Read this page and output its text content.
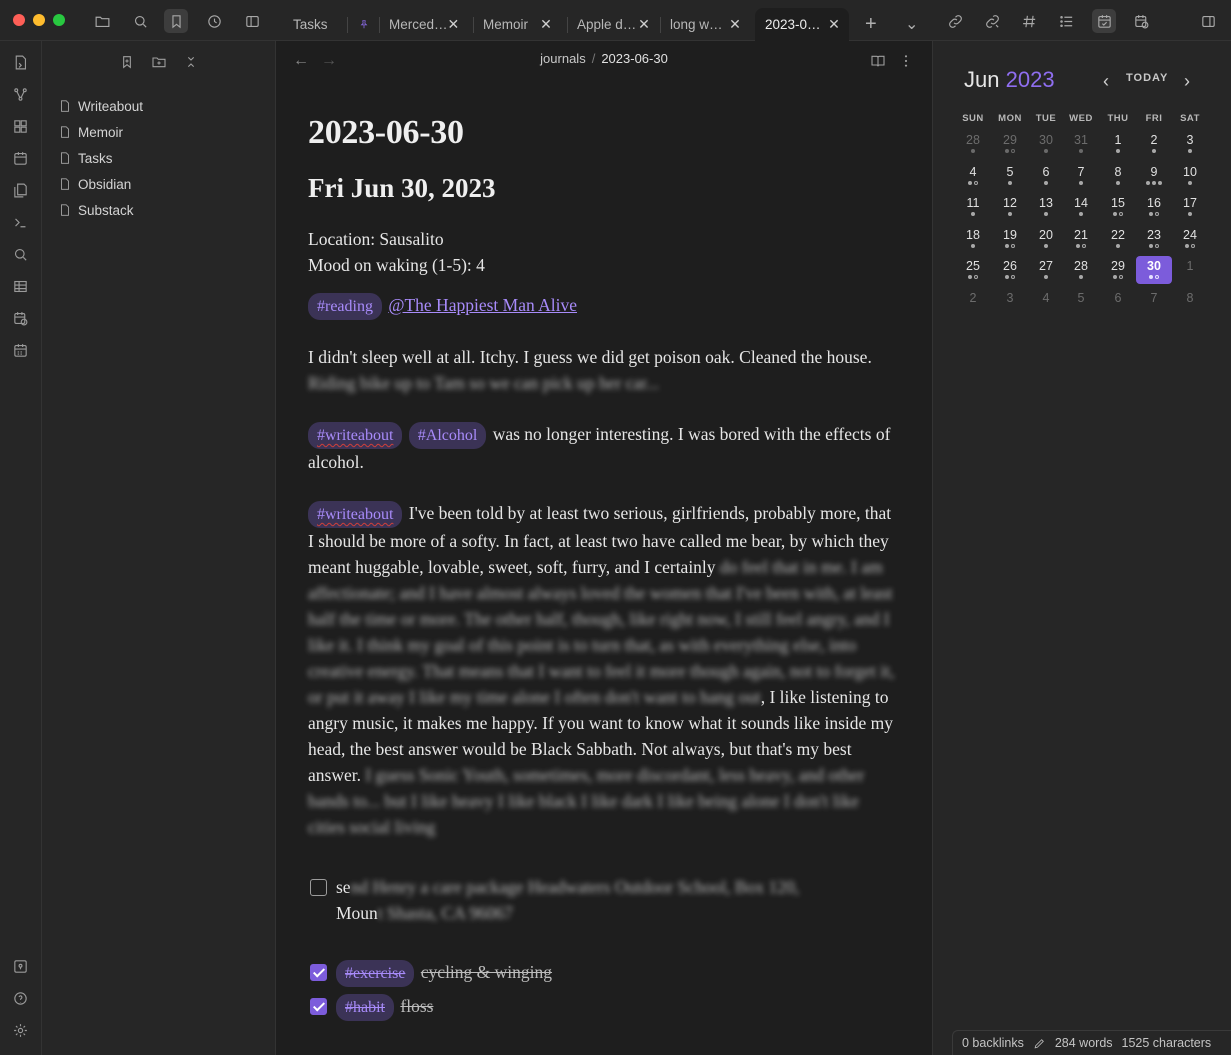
Tasks	Merced… ✕ Memoir ✕ Apple d… ✕ long w… ✕ 2023-0… ✕	+	⌄
Writeabout
Memoir
Tasks
Obsidian
Substack
← →	journals / 2023-06-30
2023-06-30
Fri Jun 30, 2023

Location: Sausalito

Mood on waking (1-5): 4

#reading @The Happiest Man Alive

I didn't sleep well at all. Itchy. I guess we did get poison oak. Cleaned the house. Riding bike up to Tam so we can pick up her car...

#writeabout #Alcohol was no longer interesting. I was bored with the effects of alcohol.

#writeabout I've been told by at least two serious, girlfriends, probably more, that I should be more of a softy. In fact, at least two have called me bear, by which they meant huggable, lovable, sweet, soft, furry, and I certainly do feel that in me. I am affectionate; and I have almost always loved the women that I've been with, at least half the time or more. The other half, though, like right now, I still feel angry, and I like it. I think my goal of this point is to turn that, as with everything else, into creative energy. That means that I want to feel it more though again, not to forget it, or put it away I like my time alone I often don't want to hang out, I like listening to angry music, it makes me happy. If you want to know what it sounds like inside my head, the best answer would be Black Sabbath. Not always, but that's my best answer. I guess Sonic Youth, sometimes, more discordant, less heavy, and other bands to... but I like heavy I like black I like dark I like being alone I don't like cities social living

send Henry a care package Headwaters Outdoor School, Box 120,
Mount Shasta, CA 96067
#exercise cycling & winging
#habit floss
Jun 2023	‹	TODAY ›
SUN	MON	TUE	WED	THU	FRI	SAT
28	29	30	31	1	2	3
4	5	6	7	8	9	10
11	12	13	14	15	16	17
18	19	20	21	22	23	24
25	26	27	28	29	30	1
2	3	4	5	6	7	8
0 backlinks 284 words 1525 characters
